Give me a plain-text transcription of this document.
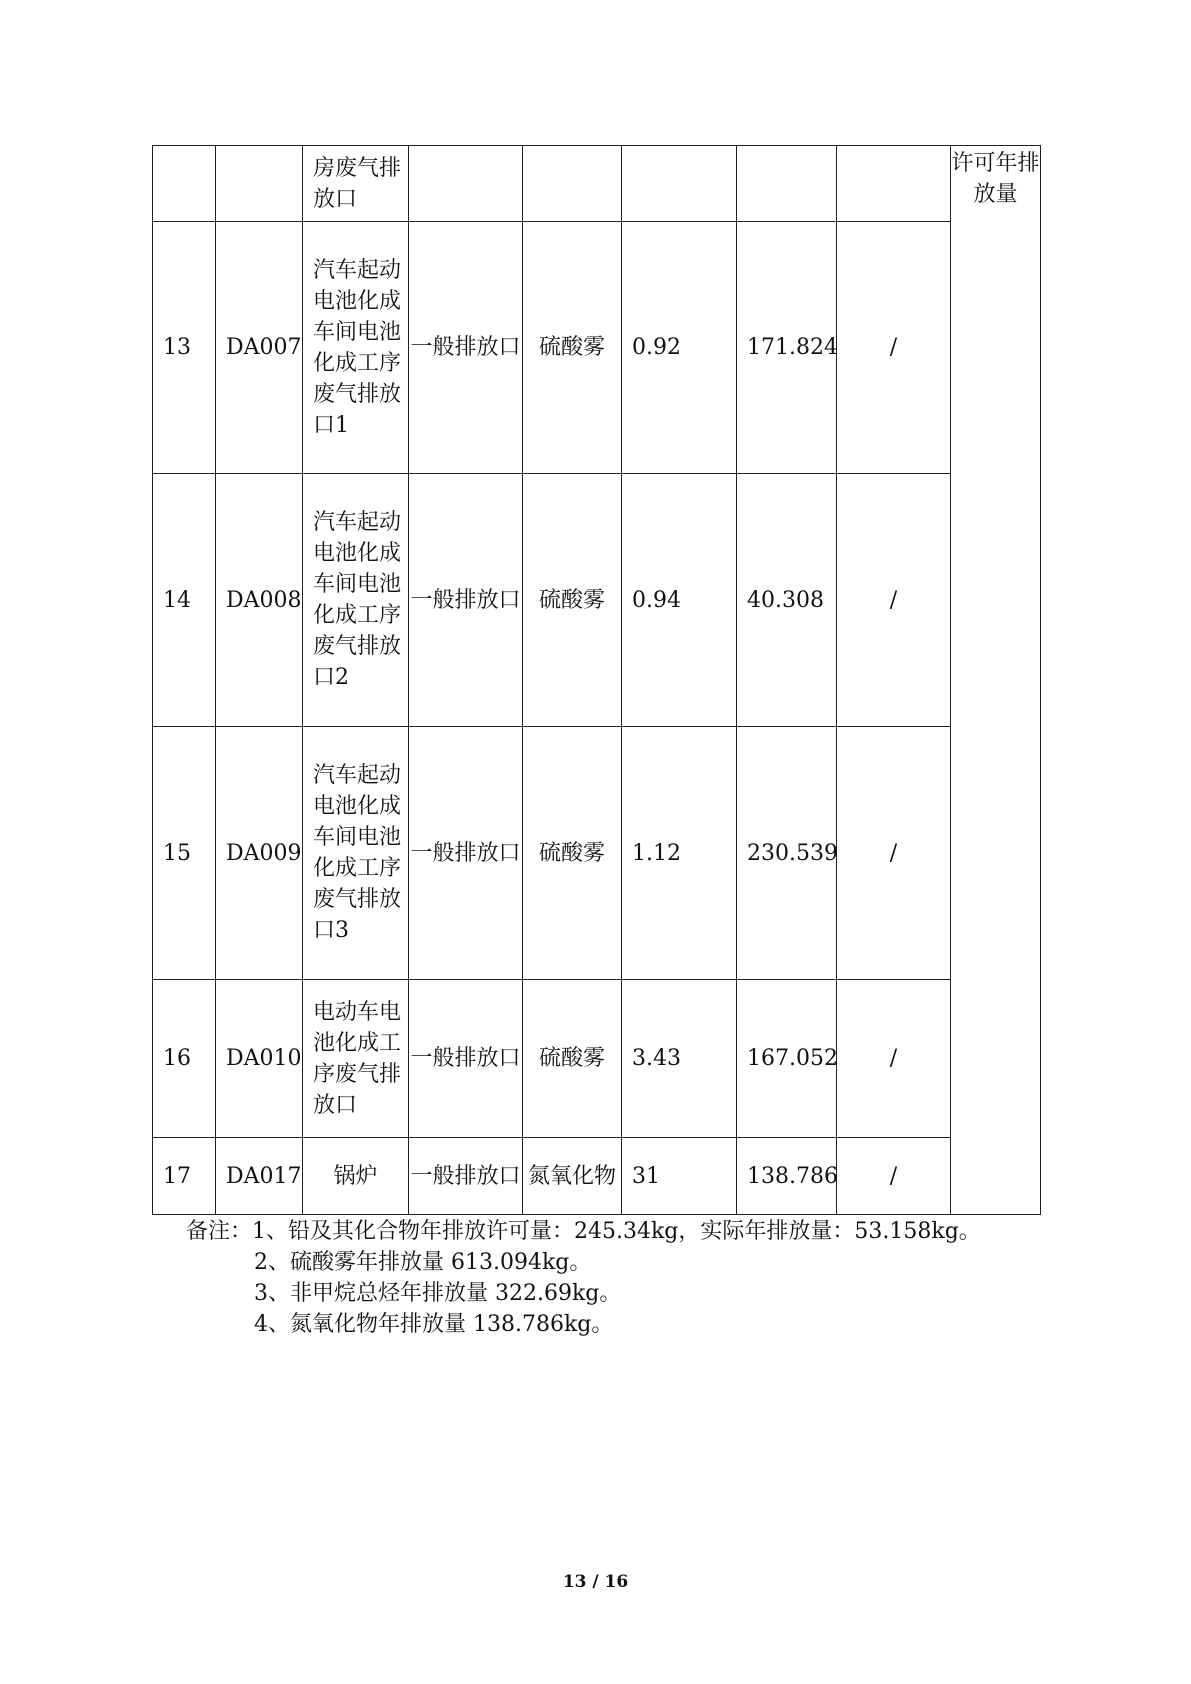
		房废气排放口						许可年排放量
13	DA007	汽车起动电池化成车间电池化成工序废气排放口1	一般排放口	硫酸雾	0.92	171.824	/	
14	DA008	汽车起动电池化成车间电池化成工序废气排放口2	一般排放口	硫酸雾	0.94	40.308	/	
15	DA009	汽车起动电池化成车间电池化成工序废气排放口3	一般排放口	硫酸雾	1.12	230.539	/	
16	DA010	电动车电池化成工序废气排放口	一般排放口	硫酸雾	3.43	167.052	/	
17	DA017	锅炉	一般排放口	氮氧化物	31	138.786	/	
备注：1、铅及其化合物年排放许可量：245.34kg，实际年排放量：53.158kg。
2、硫酸雾年排放量 613.094kg。
3、非甲烷总烃年排放量 322.69kg。
4、氮氧化物年排放量 138.786kg。
13 / 16
